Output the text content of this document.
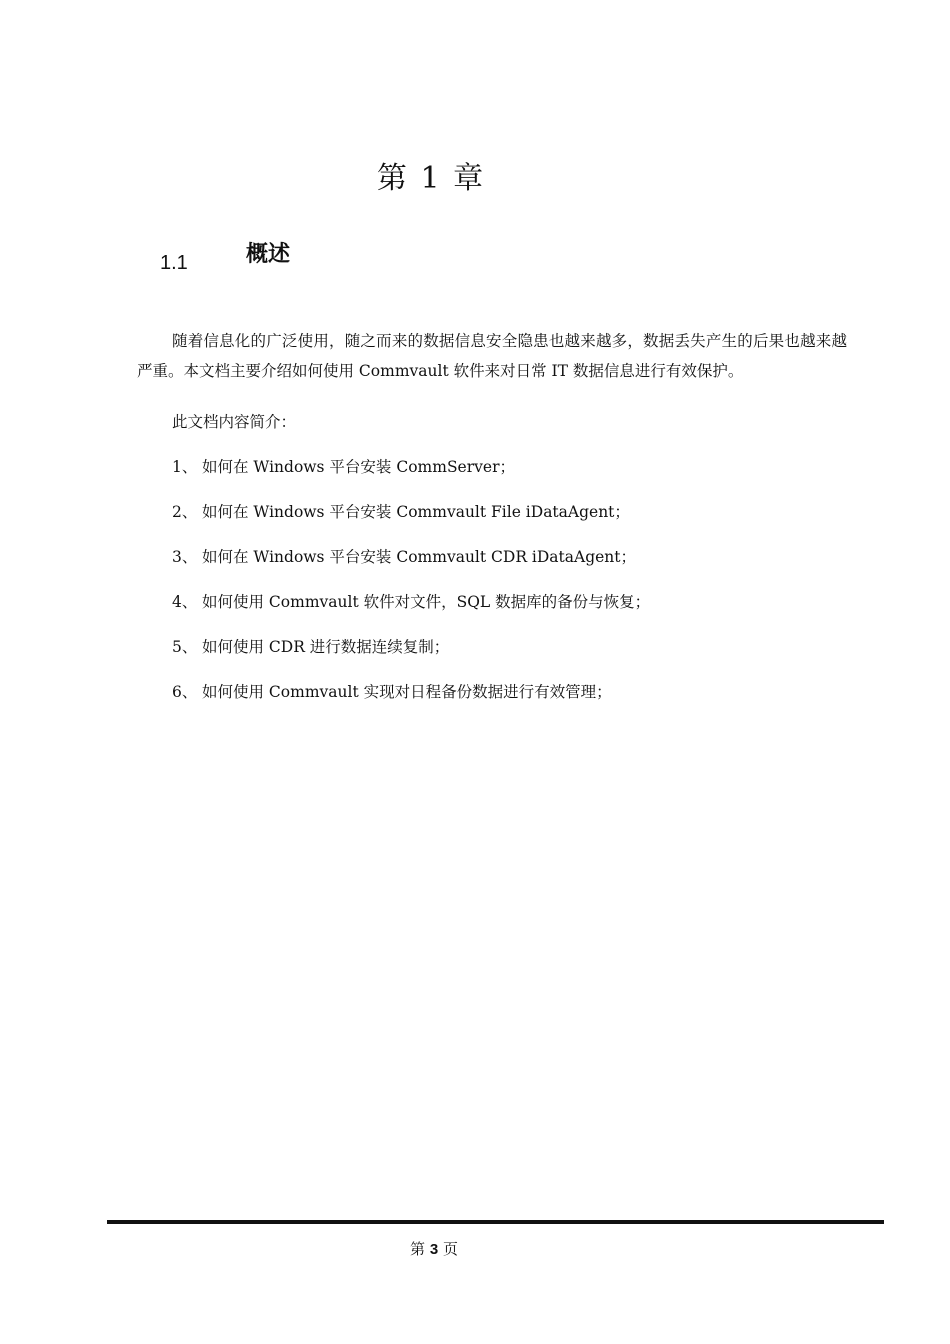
第 1 章
1.1	概述

随着信息化的广泛使用，随之而来的数据信息安全隐患也越来越多，数据丢失产生的后果也越来越严重。本文档主要介绍如何使用 Commvault 软件来对日常 IT 数据信息进行有效保护。

此文档内容简介：

1、 如何在 Windows 平台安装 CommServer；
2、 如何在 Windows 平台安装 Commvault File iDataAgent；
3、 如何在 Windows 平台安装 Commvault CDR iDataAgent；
4、 如何使用 Commvault 软件对文件，SQL 数据库的备份与恢复；
5、 如何使用 CDR 进行数据连续复制；
6、 如何使用 Commvault 实现对日程备份数据进行有效管理；
第 3 页
